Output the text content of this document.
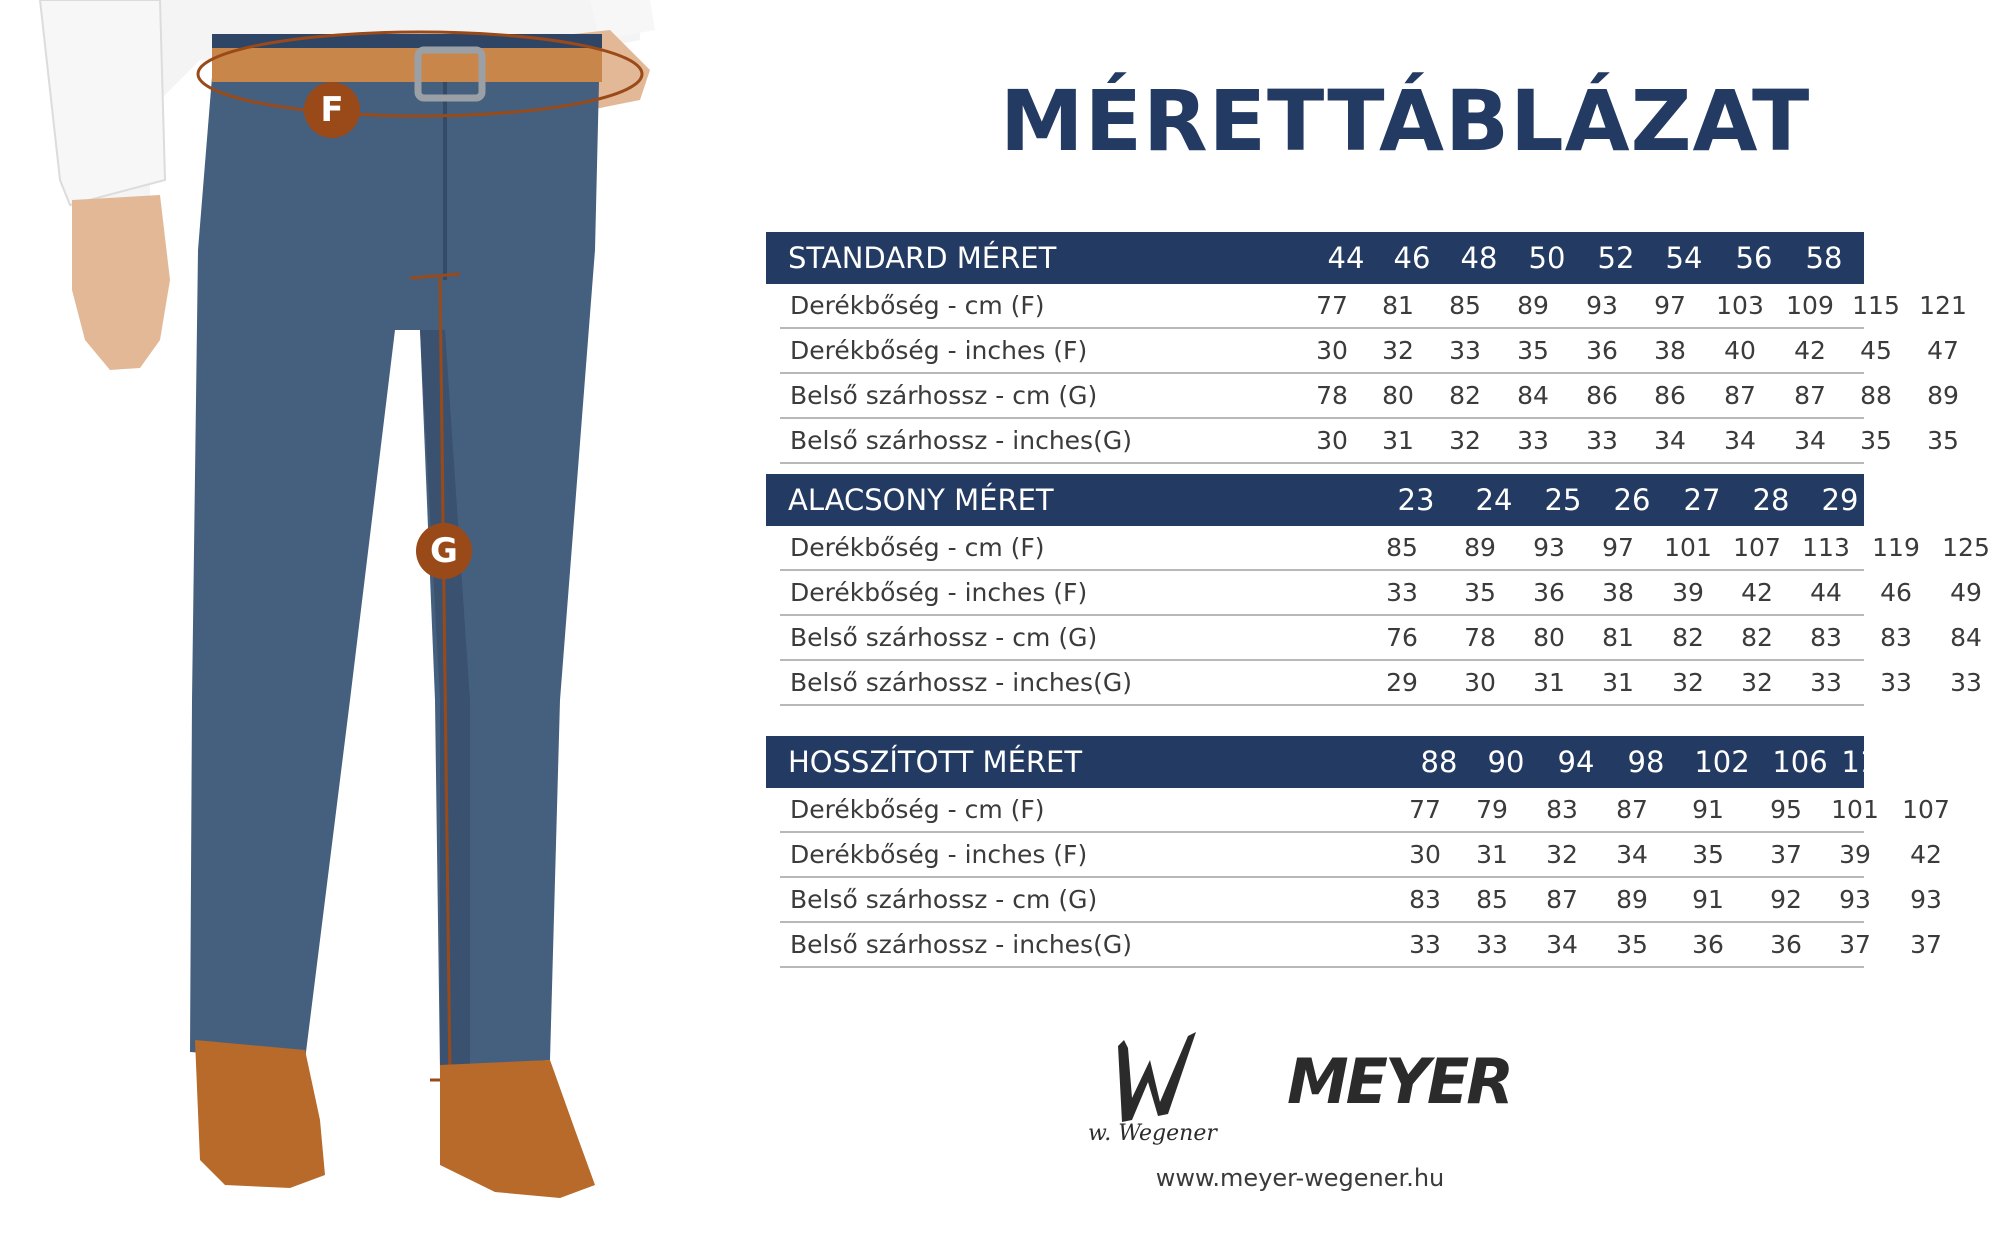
F
G
MÉRETTÁBLÁZAT
STANDARD MÉRET	44	46	48	50	52	54	56	58	60	62
Derékbőség - cm (F)	77	81	85	89	93	97	103 109 115 121
Derékbőség - inches (F)	30	32	33	35	36	38	40	42	45	47
Belső szárhossz - cm (G)	78	80	82	84	86	86	87	87	88	89
Belső szárhossz - inches(G)	30	31	32	33	33	34	34	34	35	35
ALACSONY MÉRET	23	24	25	26	27	28	29	30	31
Derékbőség - cm (F)	85	89	93	97	101 107 113 119 125
Derékbőség - inches (F)	33	35	36	38	39	42	44	46	49
Belső szárhossz - cm (G)	76	78	80	81	82	82	83	83	84
Belső szárhossz - inches(G)	29	30	31	31	32	32	33	33	33
HOSSZÍTOTT MÉRET	88	90	94	98	102 106 110 114
Derékbőség - cm (F)	77	79	83	87	91	95	101 107
Derékbőség - inches (F)	30	31	32	34	35	37	39	42
Belső szárhossz - cm (G)	83	85	87	89	91	92	93	93
Belső szárhossz - inches(G)	33	33	34	35	36	36	37	37
w. Wegener
MEYER
www.meyer-wegener.hu
